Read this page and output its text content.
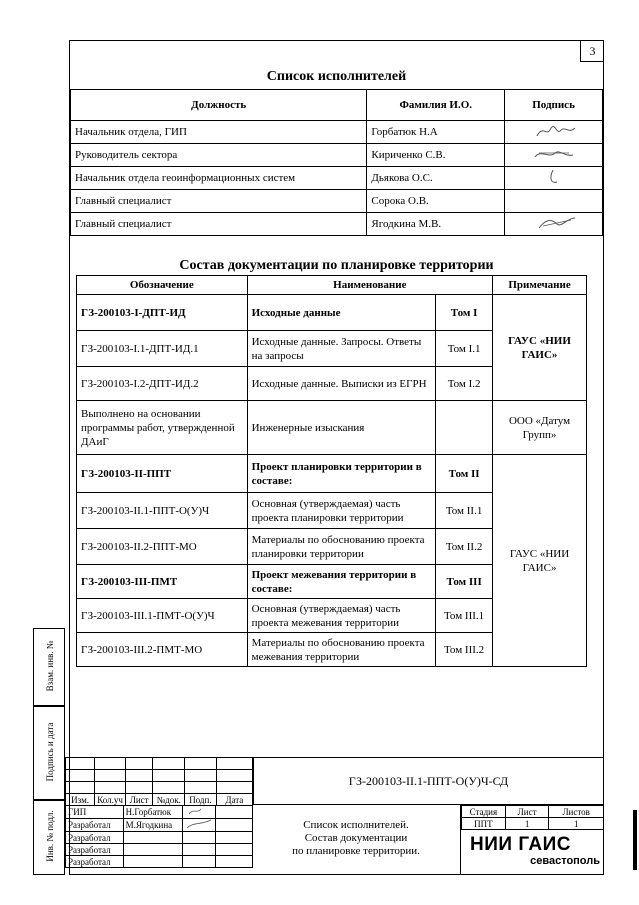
3
Список исполнителей
Должность	Фамилия И.О.	Подпись
Начальник отдела, ГИП	Горбатюк Н.А	
Руководитель сектора	Кириченко С.В.	
Начальник отдела геоинформационных систем	Дьякова О.С.	
Главный специалист	Сорока О.В.	
Главный специалист	Ягодкина М.В.	
Состав документации по планировке территории
Обозначение	Наименование		Примечание
ГЗ-200103-I-ДПТ-ИД	Исходные данные	Том I	ГАУС «НИИ ГАИС»
ГЗ-200103-I.1-ДПТ-ИД.1	Исходные данные. Запросы. Ответы на запросы	Том I.1	
ГЗ-200103-I.2-ДПТ-ИД.2	Исходные данные. Выписки из ЕГРН	Том I.2	
Выполнено на основании программы работ, утвержденной ДАиГ	Инженерные изыскания		ООО «Датум Групп»
ГЗ-200103-II-ППТ	Проект планировки территории в составе:	Том II	ГАУС «НИИ ГАИС»
ГЗ-200103-II.1-ППТ-О(У)Ч	Основная (утверждаемая) часть проекта планировки территории	Том II.1	
ГЗ-200103-II.2-ППТ-МО	Материалы по обоснованию проекта планировки территории	Том II.2	
ГЗ-200103-III-ПМТ	Проект межевания территории в составе:	Том III	
ГЗ-200103-III.1-ПМТ-О(У)Ч	Основная (утверждаемая) часть проекта межевания территории	Том III.1	
ГЗ-200103-III.2-ПМТ-МО	Материалы по обоснованию проекта межевания территории	Том III.2	
Взам. инв. №
Подпись и дата
Инв. № подл.

Изм.	Кол.уч	Лист	№док.	Подп.	Дата
ГИП	Н.Горбатюк		
Разработал	М.Ягодкина		
Разработал			
Разработал			
Разработал			
ГЗ-200103-II.1-ППТ-О(У)Ч-СД
Список исполнителей.
Состав документации
по планировке территории.
Стадия	Лист	Листов
ППТ	1	1
НИИ ГАИС
севастополь
